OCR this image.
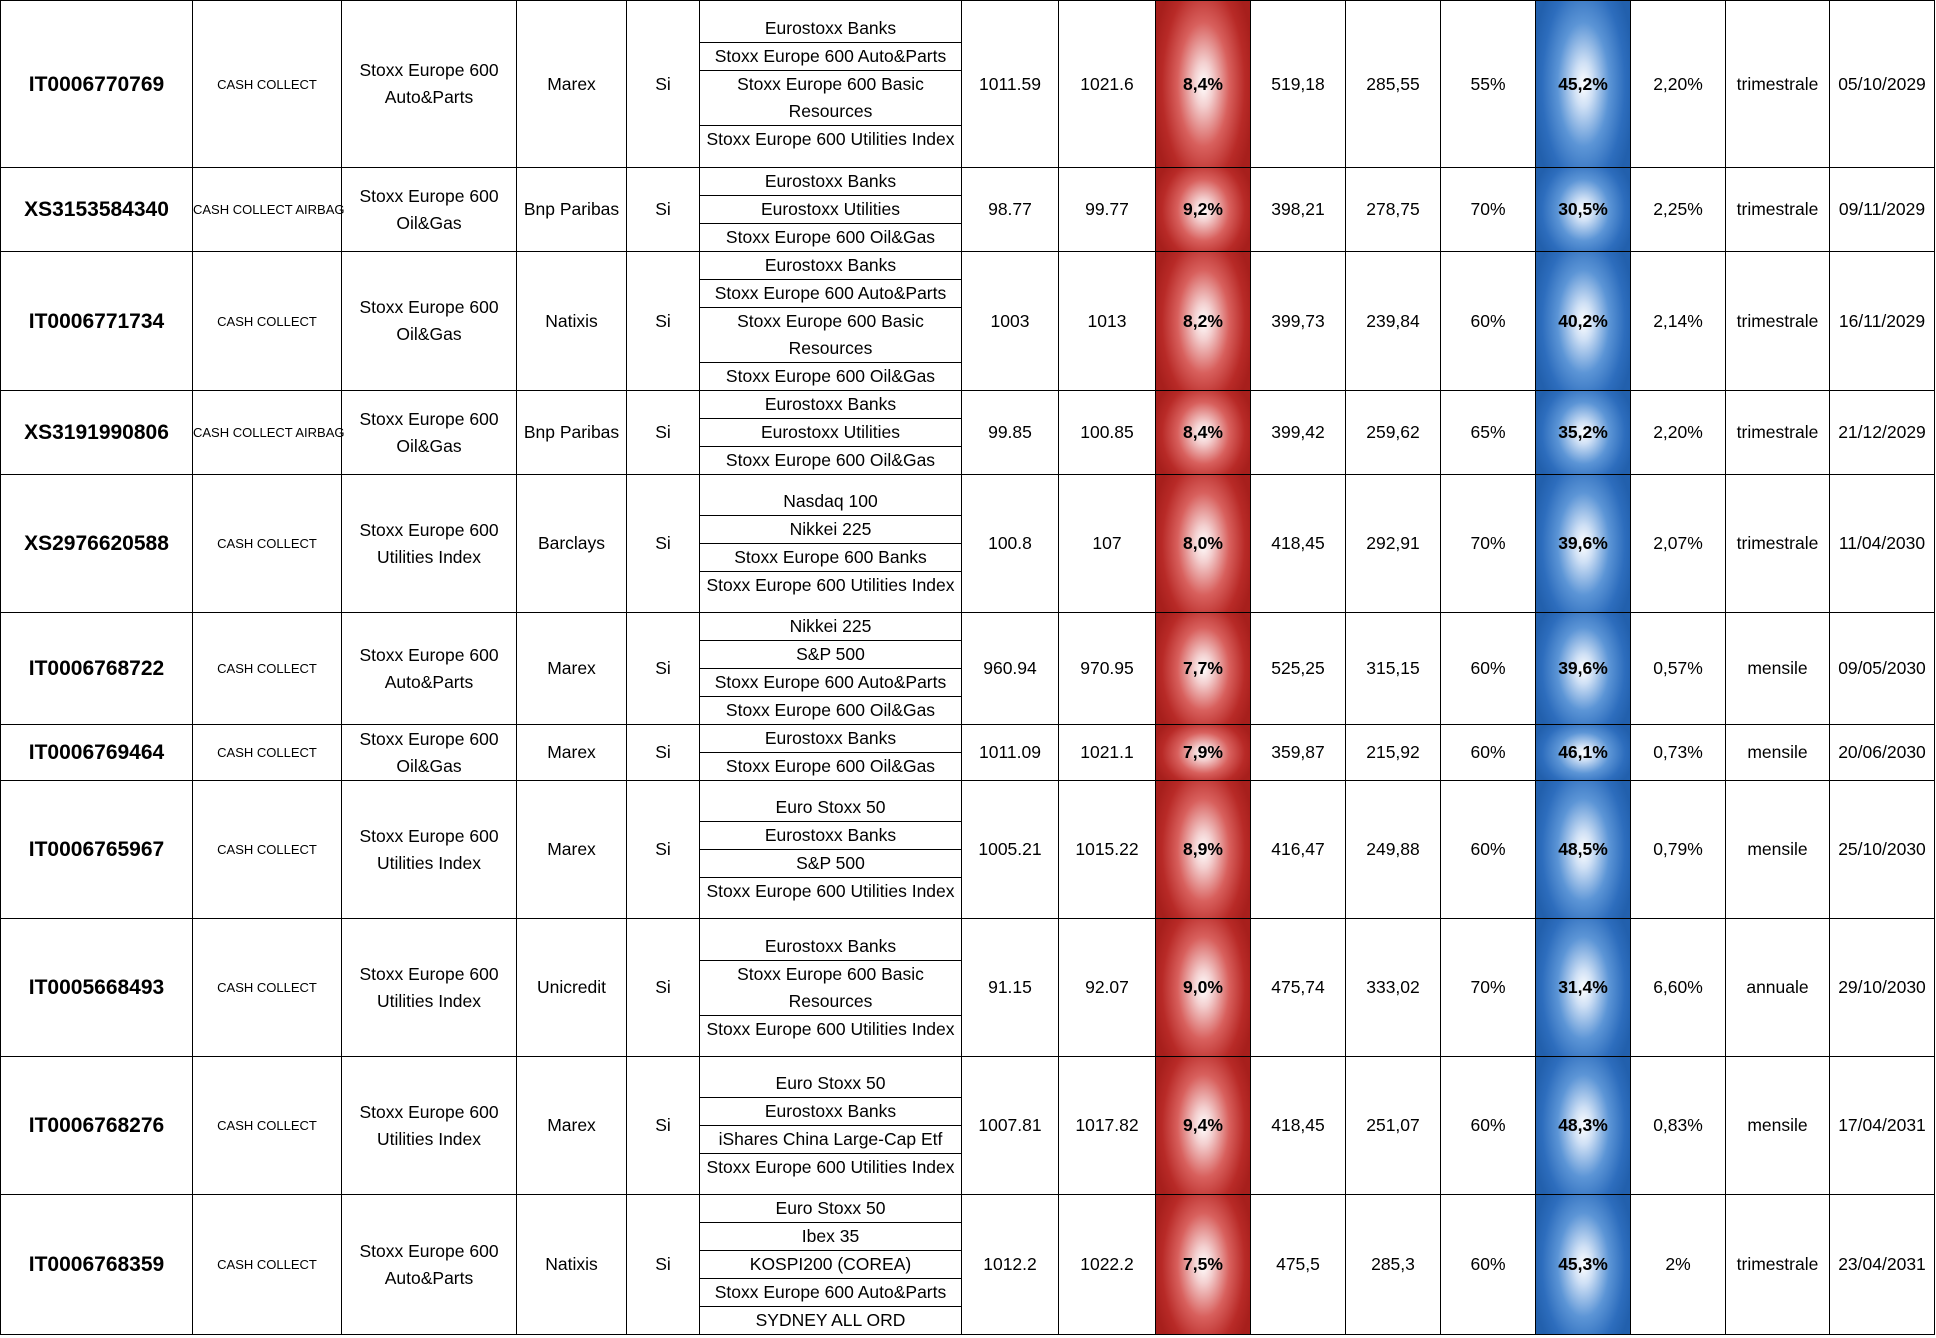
IT0006770769	CASH COLLECT	Stoxx Europe 600 Auto&Parts	Marex	Si	Eurostoxx Banks
Stoxx Europe 600 Auto&Parts
Stoxx Europe 600 Basic Resources
Stoxx Europe 600 Utilities Index	1011.59	1021.6	8,4%	519,18	285,55	55%	45,2%	2,20%	trimestrale	05/10/2029
XS3153584340	CASH COLLECT AIRBAG	Stoxx Europe 600 Oil&Gas	Bnp Paribas	Si	Eurostoxx Banks
Eurostoxx Utilities
Stoxx Europe 600 Oil&Gas	98.77	99.77	9,2%	398,21	278,75	70%	30,5%	2,25%	trimestrale	09/11/2029
IT0006771734	CASH COLLECT	Stoxx Europe 600 Oil&Gas	Natixis	Si	Eurostoxx Banks
Stoxx Europe 600 Auto&Parts
Stoxx Europe 600 Basic Resources
Stoxx Europe 600 Oil&Gas	1003	1013	8,2%	399,73	239,84	60%	40,2%	2,14%	trimestrale	16/11/2029
XS3191990806	CASH COLLECT AIRBAG	Stoxx Europe 600 Oil&Gas	Bnp Paribas	Si	Eurostoxx Banks
Eurostoxx Utilities
Stoxx Europe 600 Oil&Gas	99.85	100.85	8,4%	399,42	259,62	65%	35,2%	2,20%	trimestrale	21/12/2029
XS2976620588	CASH COLLECT	Stoxx Europe 600 Utilities Index	Barclays	Si	Nasdaq 100
Nikkei 225
Stoxx Europe 600 Banks
Stoxx Europe 600 Utilities Index	100.8	107	8,0%	418,45	292,91	70%	39,6%	2,07%	trimestrale	11/04/2030
IT0006768722	CASH COLLECT	Stoxx Europe 600 Auto&Parts	Marex	Si	Nikkei 225
S&P 500
Stoxx Europe 600 Auto&Parts
Stoxx Europe 600 Oil&Gas	960.94	970.95	7,7%	525,25	315,15	60%	39,6%	0,57%	mensile	09/05/2030
IT0006769464	CASH COLLECT	Stoxx Europe 600 Oil&Gas	Marex	Si	Eurostoxx Banks
Stoxx Europe 600 Oil&Gas	1011.09	1021.1	7,9%	359,87	215,92	60%	46,1%	0,73%	mensile	20/06/2030
IT0006765967	CASH COLLECT	Stoxx Europe 600 Utilities Index	Marex	Si	Euro Stoxx 50
Eurostoxx Banks
S&P 500
Stoxx Europe 600 Utilities Index	1005.21	1015.22	8,9%	416,47	249,88	60%	48,5%	0,79%	mensile	25/10/2030
IT0005668493	CASH COLLECT	Stoxx Europe 600 Utilities Index	Unicredit	Si	Eurostoxx Banks
Stoxx Europe 600 Basic Resources
Stoxx Europe 600 Utilities Index	91.15	92.07	9,0%	475,74	333,02	70%	31,4%	6,60%	annuale	29/10/2030
IT0006768276	CASH COLLECT	Stoxx Europe 600 Utilities Index	Marex	Si	Euro Stoxx 50
Eurostoxx Banks
iShares China Large-Cap Etf
Stoxx Europe 600 Utilities Index	1007.81	1017.82	9,4%	418,45	251,07	60%	48,3%	0,83%	mensile	17/04/2031
IT0006768359	CASH COLLECT	Stoxx Europe 600 Auto&Parts	Natixis	Si	Euro Stoxx 50
Ibex 35
KOSPI200 (COREA)
Stoxx Europe 600 Auto&Parts
SYDNEY ALL ORD	1012.2	1022.2	7,5%	475,5	285,3	60%	45,3%	2%	trimestrale	23/04/2031
